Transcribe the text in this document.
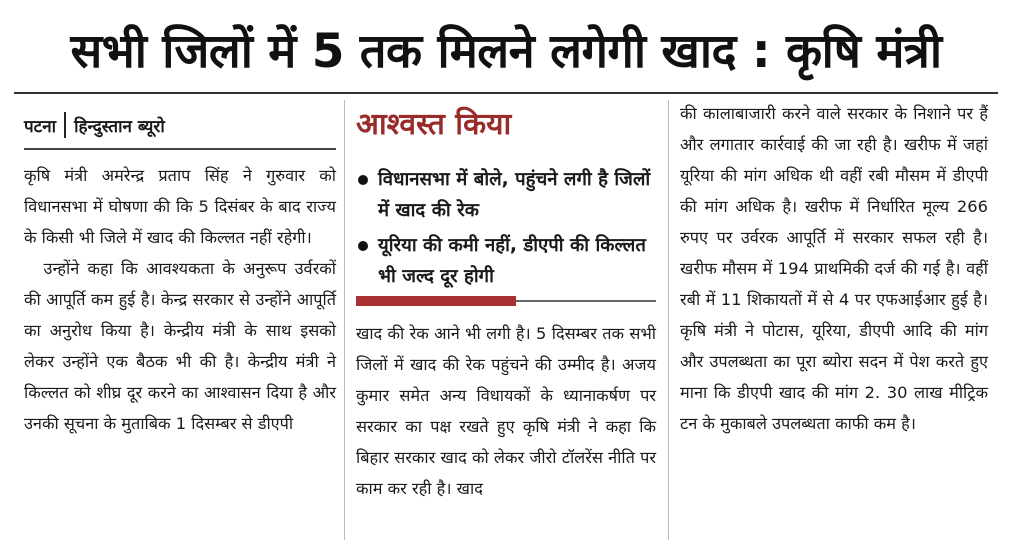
सभी जिलों में 5 तक मिलने लगेगी खाद : कृषि मंत्री
पटना हिन्दुस्तान ब्यूरो

कृषि मंत्री अमरेन्द्र प्रताप सिंह ने गुरुवार को विधानसभा में घोषणा की कि 5 दिसंबर के बाद राज्य के किसी भी जिले में खाद की किल्लत नहीं रहेगी।

उन्होंने कहा कि आवश्यकता के अनुरूप उर्वरकों की आपूर्ति कम हुई है। केन्द्र सरकार से उन्होंने आपूर्ति का अनुरोध किया है। केन्द्रीय मंत्री के साथ इसको लेकर उन्होंने एक बैठक भी की है। केन्द्रीय मंत्री ने किल्लत को शीघ्र दूर करने का आश्वासन दिया है और उनकी सूचना के मुताबिक 1 दिसम्बर से डीएपी

आश्वस्त किया
विधानसभा में बोले, पहुंचने लगी है जिलों में खाद की रेक
यूरिया की कमी नहीं, डीएपी की किल्लत भी जल्द दूर होगी

खाद की रेक आने भी लगी है। 5 दिसम्बर तक सभी जिलों में खाद की रेक पहुंचने की उम्मीद है। अजय कुमार समेत अन्य विधायकों के ध्यानाकर्षण पर सरकार का पक्ष रखते हुए कृषि मंत्री ने कहा कि बिहार सरकार खाद को लेकर जीरो टॉलरेंस नीति पर काम कर रही है। खाद

की कालाबाजारी करने वाले सरकार के निशाने पर हैं और लगातार कार्रवाई की जा रही है। खरीफ में जहां यूरिया की मांग अधिक थी वहीं रबी मौसम में डीएपी की मांग अधिक है। खरीफ में निर्धारित मूल्य 266 रुपए पर उर्वरक आपूर्ति में सरकार सफल रही है। खरीफ मौसम में 194 प्राथमिकी दर्ज की गई है। वहीं रबी में 11 शिकायतों में से 4 पर एफआईआर हुई है। कृषि मंत्री ने पोटास, यूरिया, डीएपी आदि की मांग और उपलब्धता का पूरा ब्योरा सदन में पेश करते हुए माना कि डीएपी खाद की मांग 2. 30 लाख मीट्रिक टन के मुकाबले उपलब्धता काफी कम है।
